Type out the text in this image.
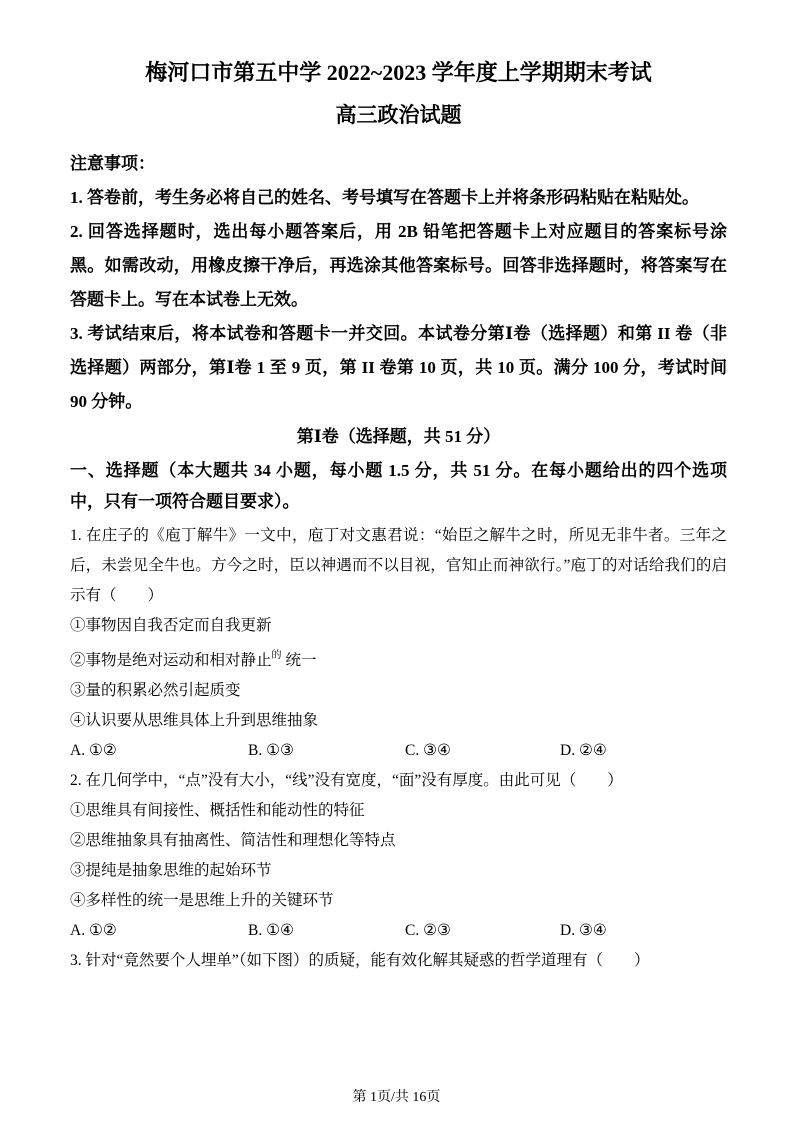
梅河口市第五中学 2022~2023 学年度上学期期末考试
高三政治试题

注意事项：

1. 答卷前，考生务必将自己的姓名、考号填写在答题卡上并将条形码粘贴在粘贴处。

2. 回答选择题时，选出每小题答案后，用 2B 铅笔把答题卡上对应题目的答案标号涂黑。如需改动，用橡皮擦干净后，再选涂其他答案标号。回答非选择题时，将答案写在答题卡上。写在本试卷上无效。

3. 考试结束后，将本试卷和答题卡一并交回。本试卷分第Ⅰ卷（选择题）和第 II 卷（非选择题）两部分，第Ⅰ卷 1 至 9 页，第 II 卷第 10 页，共 10 页。满分 100 分，考试时间 90 分钟。

第Ⅰ卷（选择题，共 51 分）

一、选择题（本大题共 34 小题，每小题 1.5 分，共 51 分。在每小题给出的四个选项中，只有一项符合题目要求）。

1. 在庄子的《庖丁解牛》一文中，庖丁对文惠君说：“始臣之解牛之时，所见无非牛者。三年之后，未尝见全牛也。方今之时，臣以神遇而不以目视，官知止而神欲行。”庖丁的对话给我们的启示有（　　）

①事物因自我否定而自我更新

②事物是绝对运动和相对静止$^的$ 统一

③量的积累必然引起质变

④认识要从思维具体上升到思维抽象

A. ①②	B. ①③	C. ③④	D. ②④

2. 在几何学中，“点”没有大小，“线”没有宽度，“面”没有厚度。由此可见（　　）

①思维具有间接性、概括性和能动性的特征

②思维抽象具有抽离性、简洁性和理想化等特点

③提纯是抽象思维的起始环节

④多样性的统一是思维上升的关键环节

A. ①②	B. ①④	C. ②③	D. ③④

3. 针对“竟然要个人埋单”（如下图）的质疑，能有效化解其疑惑的哲学道理有（　　）

第 1页/共 16页
